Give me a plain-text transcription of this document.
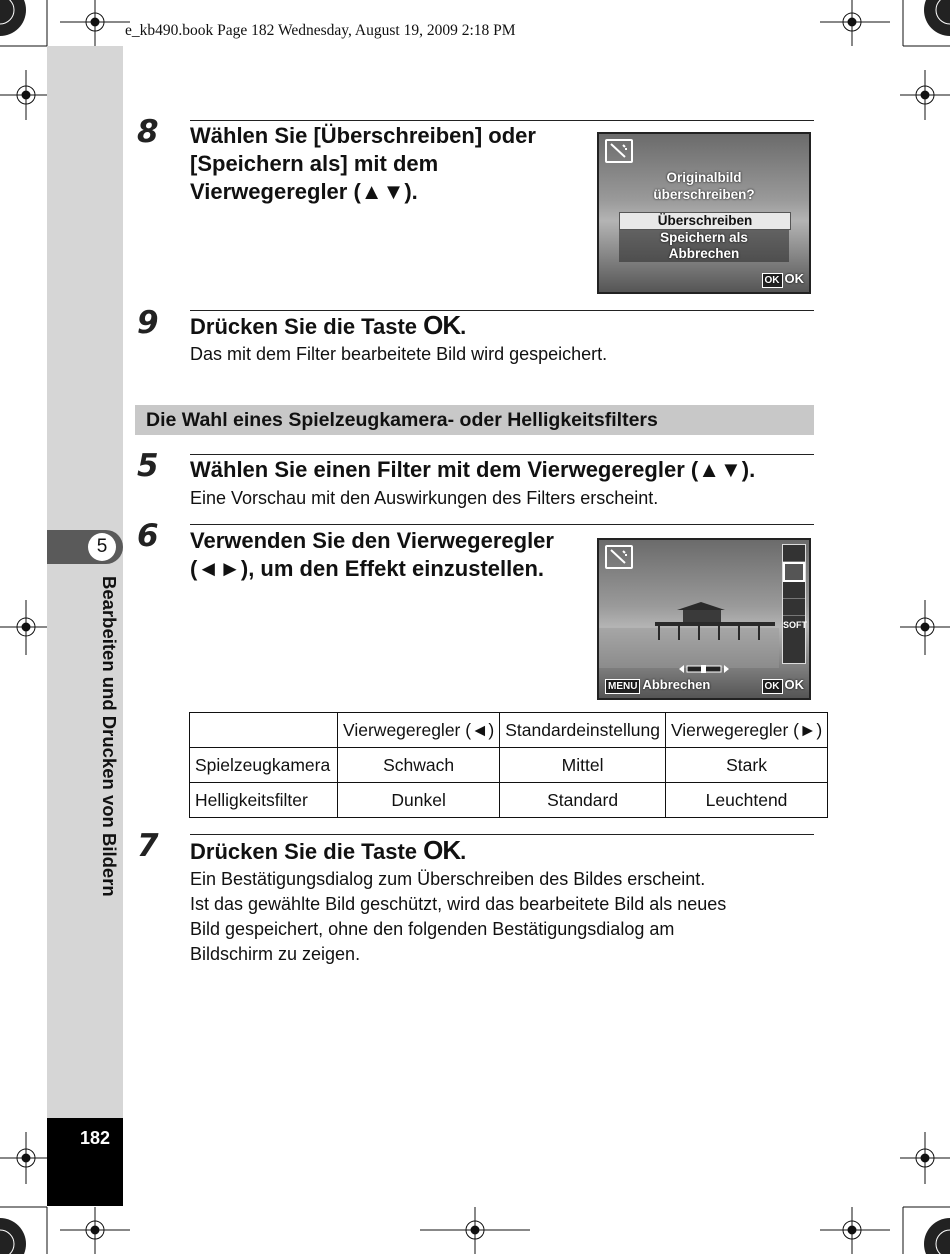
e_kb490.book Page 182 Wednesday, August 19, 2009 2:18 PM
5
Bearbeiten und Drucken von Bildern
182
8 Wählen Sie [Überschreiben] oder [Speichern als] mit dem Vierwegeregler (▲▼).
Originalbild
überschreiben?
Überschreiben
Speichern als
Abbrechen
OK OK
9 Drücken Sie die Taste OK.
Das mit dem Filter bearbeitete Bild wird gespeichert.
Die Wahl eines Spielzeugkamera- oder Helligkeitsfilters
5 Wählen Sie einen Filter mit dem Vierwegeregler (▲▼).
Eine Vorschau mit den Auswirkungen des Filters erscheint.
6 Verwenden Sie den Vierwegeregler
(◄►), um den Effekt einzustellen.
SOFT
MENU Abbrechen	OK OK
	Vierwegeregler (◄)	Standardeinstellung	Vierwegeregler (►)
Spielzeugkamera	Schwach	Mittel	Stark
Helligkeitsfilter	Dunkel	Standard	Leuchtend
7 Drücken Sie die Taste OK.
Ein Bestätigungsdialog zum Überschreiben des Bildes erscheint.
Ist das gewählte Bild geschützt, wird das bearbeitete Bild als neues
Bild gespeichert, ohne den folgenden Bestätigungsdialog am
Bildschirm zu zeigen.
